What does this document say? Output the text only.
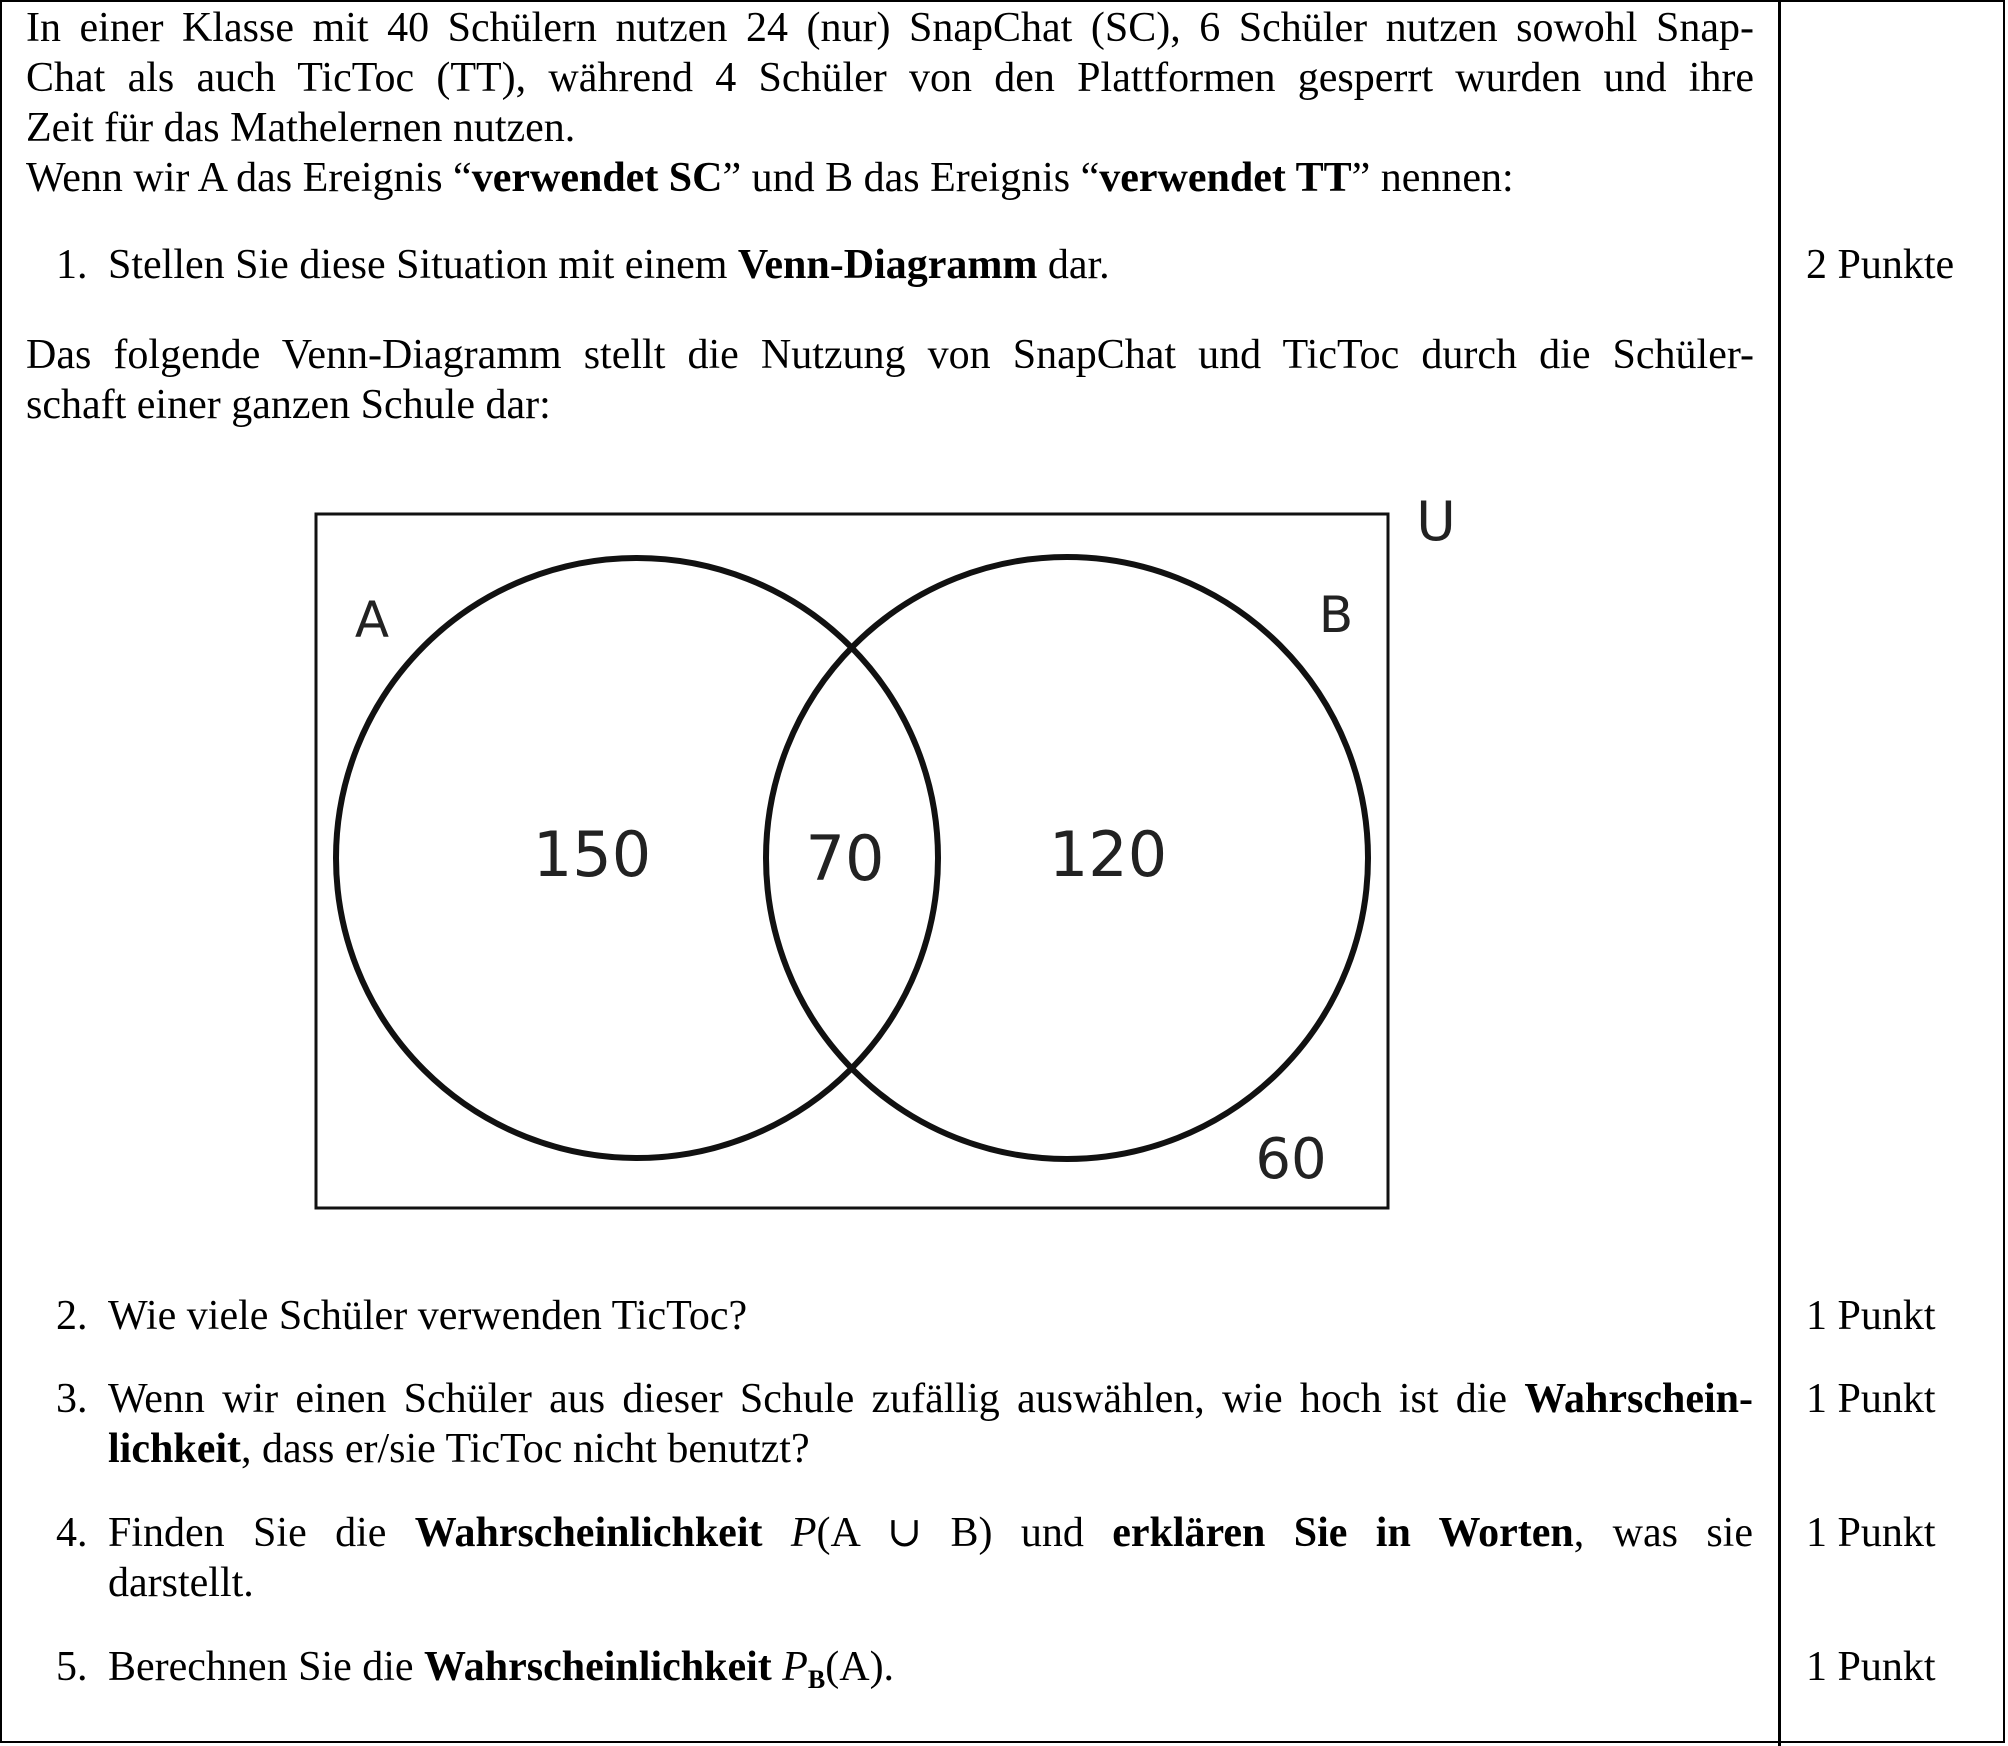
In einer Klasse mit 40 Schülern nutzen 24 (nur) SnapChat (SC), 6 Schüler nutzen sowohl Snap-
Chat als auch TicToc (TT), während 4 Schüler von den Plattformen gesperrt wurden und ihre
Zeit für das Mathelernen nutzen.
Wenn wir A das Ereignis “verwendet SC” und B das Ereignis “verwendet TT” nennen:
1. Stellen Sie diese Situation mit einem Venn-Diagramm dar.	2 Punkte
Das folgende Venn-Diagramm stellt die Nutzung von SnapChat und TicToc durch die Schüler-
schaft einer ganzen Schule dar:
U
A	B
150 70	120
60
2. Wie viele Schüler verwenden TicToc?	1 Punkt
3. Wenn wir einen Schüler aus dieser Schule zufällig auswählen, wie hoch ist die Wahrschein-
lichkeit, dass er/sie TicToc nicht benutzt?
1 Punkt
4. Finden Sie die Wahrscheinlichkeit P(A ∪ B) und erklären Sie in Worten, was sie
darstellt.
1 Punkt
5. Berechnen Sie die Wahrscheinlichkeit $P_B(A)$.	1 Punkt
